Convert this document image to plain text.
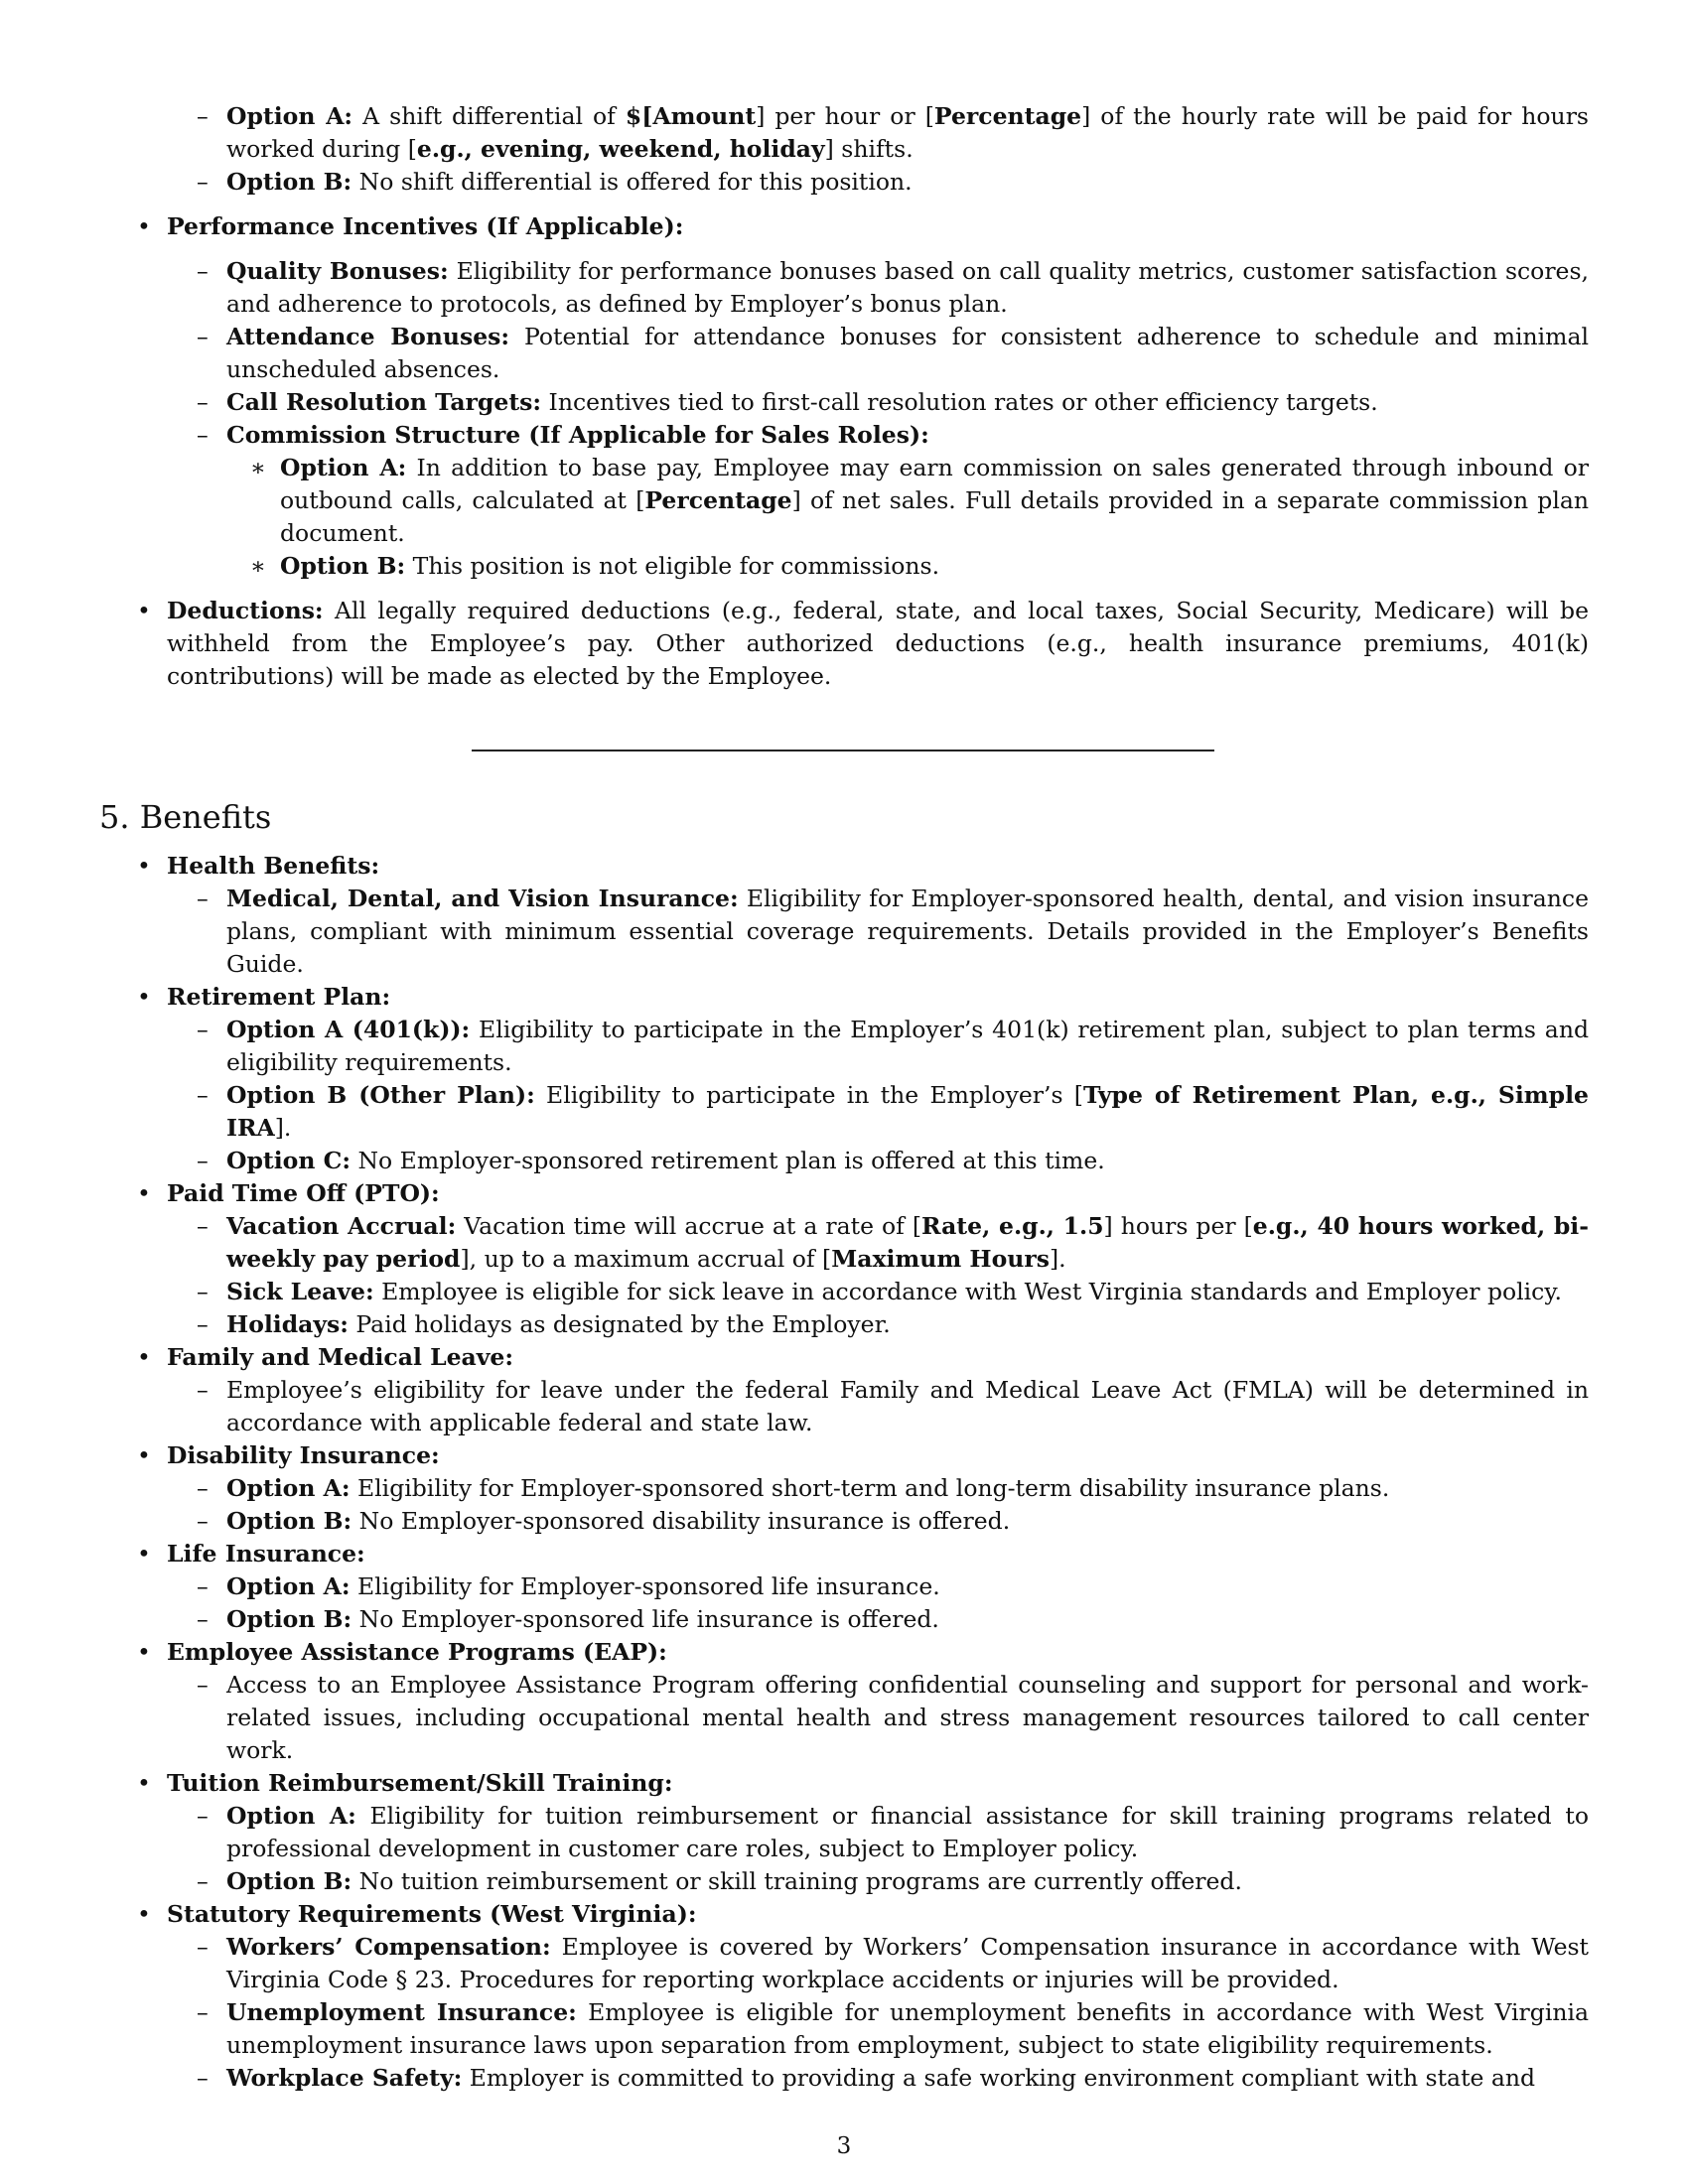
– Option A: A shift differential of $[Amount] per hour or [Percentage] of the hourly rate will be paid for hours worked during [e.g., evening, weekend, holiday] shifts.
– Option B: No shift differential is offered for this position.
• Performance Incentives (If Applicable):
– Quality Bonuses: Eligibility for performance bonuses based on call quality metrics, customer satisfaction scores, and adherence to protocols, as defined by Employer’s bonus plan.
– Attendance Bonuses: Potential for attendance bonuses for consistent adherence to schedule and minimal unscheduled absences.
– Call Resolution Targets: Incentives tied to first-call resolution rates or other efficiency targets.
– Commission Structure (If Applicable for Sales Roles):
∗ Option A: In addition to base pay, Employee may earn commission on sales generated through inbound or outbound calls, calculated at [Percentage] of net sales. Full details provided in a separate commission plan document.
∗ Option B: This position is not eligible for commissions.
• Deductions: All legally required deductions (e.g., federal, state, and local taxes, Social Security, Medicare) will be withheld from the Employee’s pay. Other authorized deductions (e.g., health insurance premiums, 401(k) contributions) will be made as elected by the Employee.
5. Benefits
• Health Benefits:
– Medical, Dental, and Vision Insurance: Eligibility for Employer-sponsored health, dental, and vision insurance plans, compliant with minimum essential coverage requirements. Details provided in the Employer’s Benefits Guide.
• Retirement Plan:
– Option A (401(k)): Eligibility to participate in the Employer’s 401(k) retirement plan, subject to plan terms and eligibility requirements.
– Option B (Other Plan): Eligibility to participate in the Employer’s [Type of Retirement Plan, e.g., Simple IRA].
– Option C: No Employer-sponsored retirement plan is offered at this time.
• Paid Time Off (PTO):
– Vacation Accrual: Vacation time will accrue at a rate of [Rate, e.g., 1.5] hours per [e.g., 40 hours worked, bi-weekly pay period], up to a maximum accrual of [Maximum Hours].
– Sick Leave: Employee is eligible for sick leave in accordance with West Virginia standards and Employer policy.
– Holidays: Paid holidays as designated by the Employer.
• Family and Medical Leave:
– Employee’s eligibility for leave under the federal Family and Medical Leave Act (FMLA) will be determined in accordance with applicable federal and state law.
• Disability Insurance:
– Option A: Eligibility for Employer-sponsored short-term and long-term disability insurance plans.
– Option B: No Employer-sponsored disability insurance is offered.
• Life Insurance:
– Option A: Eligibility for Employer-sponsored life insurance.
– Option B: No Employer-sponsored life insurance is offered.
• Employee Assistance Programs (EAP):
– Access to an Employee Assistance Program offering confidential counseling and support for personal and work-related issues, including occupational mental health and stress management resources tailored to call center work.
• Tuition Reimbursement/Skill Training:
– Option A: Eligibility for tuition reimbursement or financial assistance for skill training programs related to professional development in customer care roles, subject to Employer policy.
– Option B: No tuition reimbursement or skill training programs are currently offered.
• Statutory Requirements (West Virginia):
– Workers’ Compensation: Employee is covered by Workers’ Compensation insurance in accordance with West Virginia Code § 23. Procedures for reporting workplace accidents or injuries will be provided.
– Unemployment Insurance: Employee is eligible for unemployment benefits in accordance with West Virginia unemployment insurance laws upon separation from employment, subject to state eligibility requirements.
– Workplace Safety: Employer is committed to providing a safe working environment compliant with state and
3
